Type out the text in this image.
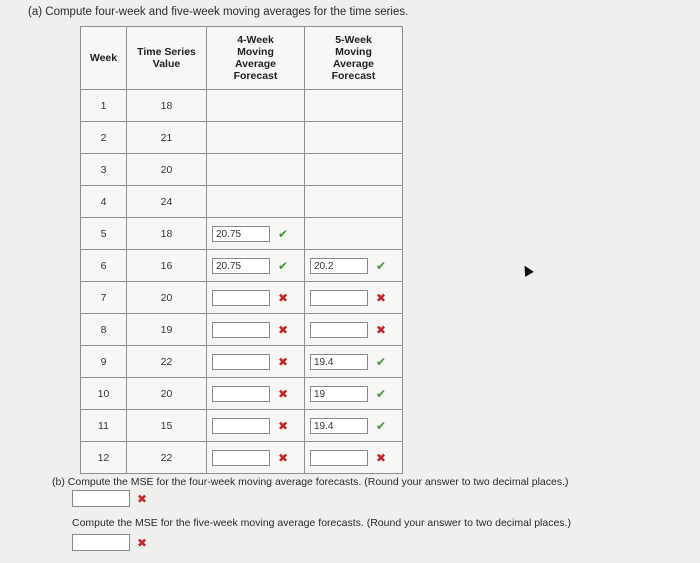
(a) Compute four-week and five-week moving averages for the time series.
Week	Time Series Value	4-Week Moving Average Forecast	5-Week Moving Average Forecast

1	18		
2	21		
3	20		
4	24		
5	18	20.75 ✔	

6	16	20.75 ✔	20.2 ✔

7	20	✖	✖

8	19	✖	✖

9	22	✖	19.4 ✔

10	20	✖	19 ✔

11	15	✖	19.4 ✔

12	22	✖	✖
(b) Compute the MSE for the four-week moving average forecasts. (Round your answer to two decimal places.)
✖
Compute the MSE for the five-week moving average forecasts. (Round your answer to two decimal places.)
✖
